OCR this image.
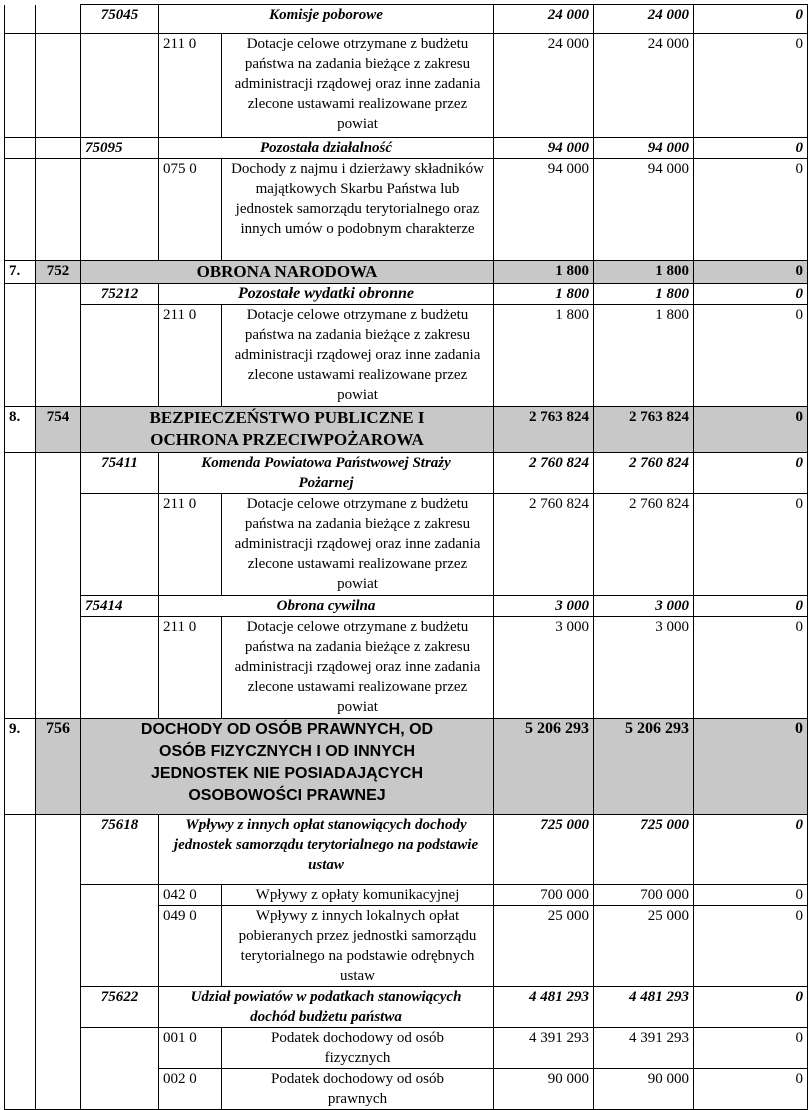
		75045	Komisje poborowe		24 000	24 000	0
			211 0	Dotacje celowe otrzymane z budżetu państwa na zadania bieżące z zakresu administracji rządowej oraz inne zadania zlecone ustawami realizowane przez powiat	24 000	24 000	0
		75095	Pozostała działalność		94 000	94 000	0
			075 0	Dochody z najmu i dzierżawy składników majątkowych Skarbu Państwa lub jednostek samorządu terytorialnego oraz innych umów o podobnym charakterze	94 000	94 000	0
7.	752	OBRONA NARODOWA			1 800	1 800	0
		75212	Pozostałe wydatki obronne		1 800	1 800	0
			211 0	Dotacje celowe otrzymane z budżetu państwa na zadania bieżące z zakresu administracji rządowej oraz inne zadania zlecone ustawami realizowane przez powiat	1 800	1 800	0
8.	754	BEZPIECZEŃSTWO PUBLICZNE I OCHRONA PRZECIWPOŻAROWA			2 763 824	2 763 824	0
		75411	Komenda Powiatowa Państwowej Straży Pożarnej		2 760 824	2 760 824	0
			211 0	Dotacje celowe otrzymane z budżetu państwa na zadania bieżące z zakresu administracji rządowej oraz inne zadania zlecone ustawami realizowane przez powiat	2 760 824	2 760 824	0
		75414	Obrona cywilna		3 000	3 000	0
			211 0	Dotacje celowe otrzymane z budżetu państwa na zadania bieżące z zakresu administracji rządowej oraz inne zadania zlecone ustawami realizowane przez powiat	3 000	3 000	0
9.	756	DOCHODY OD OSÓB PRAWNYCH, OD OSÓB FIZYCZNYCH I OD INNYCH JEDNOSTEK NIE POSIADAJĄCYCH OSOBOWOŚCI PRAWNEJ			5 206 293	5 206 293	0
		75618	Wpływy z innych opłat stanowiących dochody jednostek samorządu terytorialnego na podstawie ustaw		725 000	725 000	0
			042 0	Wpływy z opłaty komunikacyjnej	700 000	700 000	0
			049 0	Wpływy z innych lokalnych opłat pobieranych przez jednostki samorządu terytorialnego na podstawie odrębnych ustaw	25 000	25 000	0
		75622	Udział powiatów w podatkach stanowiących dochód budżetu państwa		4 481 293	4 481 293	0
			001 0	Podatek dochodowy od osób fizycznych	4 391 293	4 391 293	0
			002 0	Podatek dochodowy od osób prawnych	90 000	90 000	0
